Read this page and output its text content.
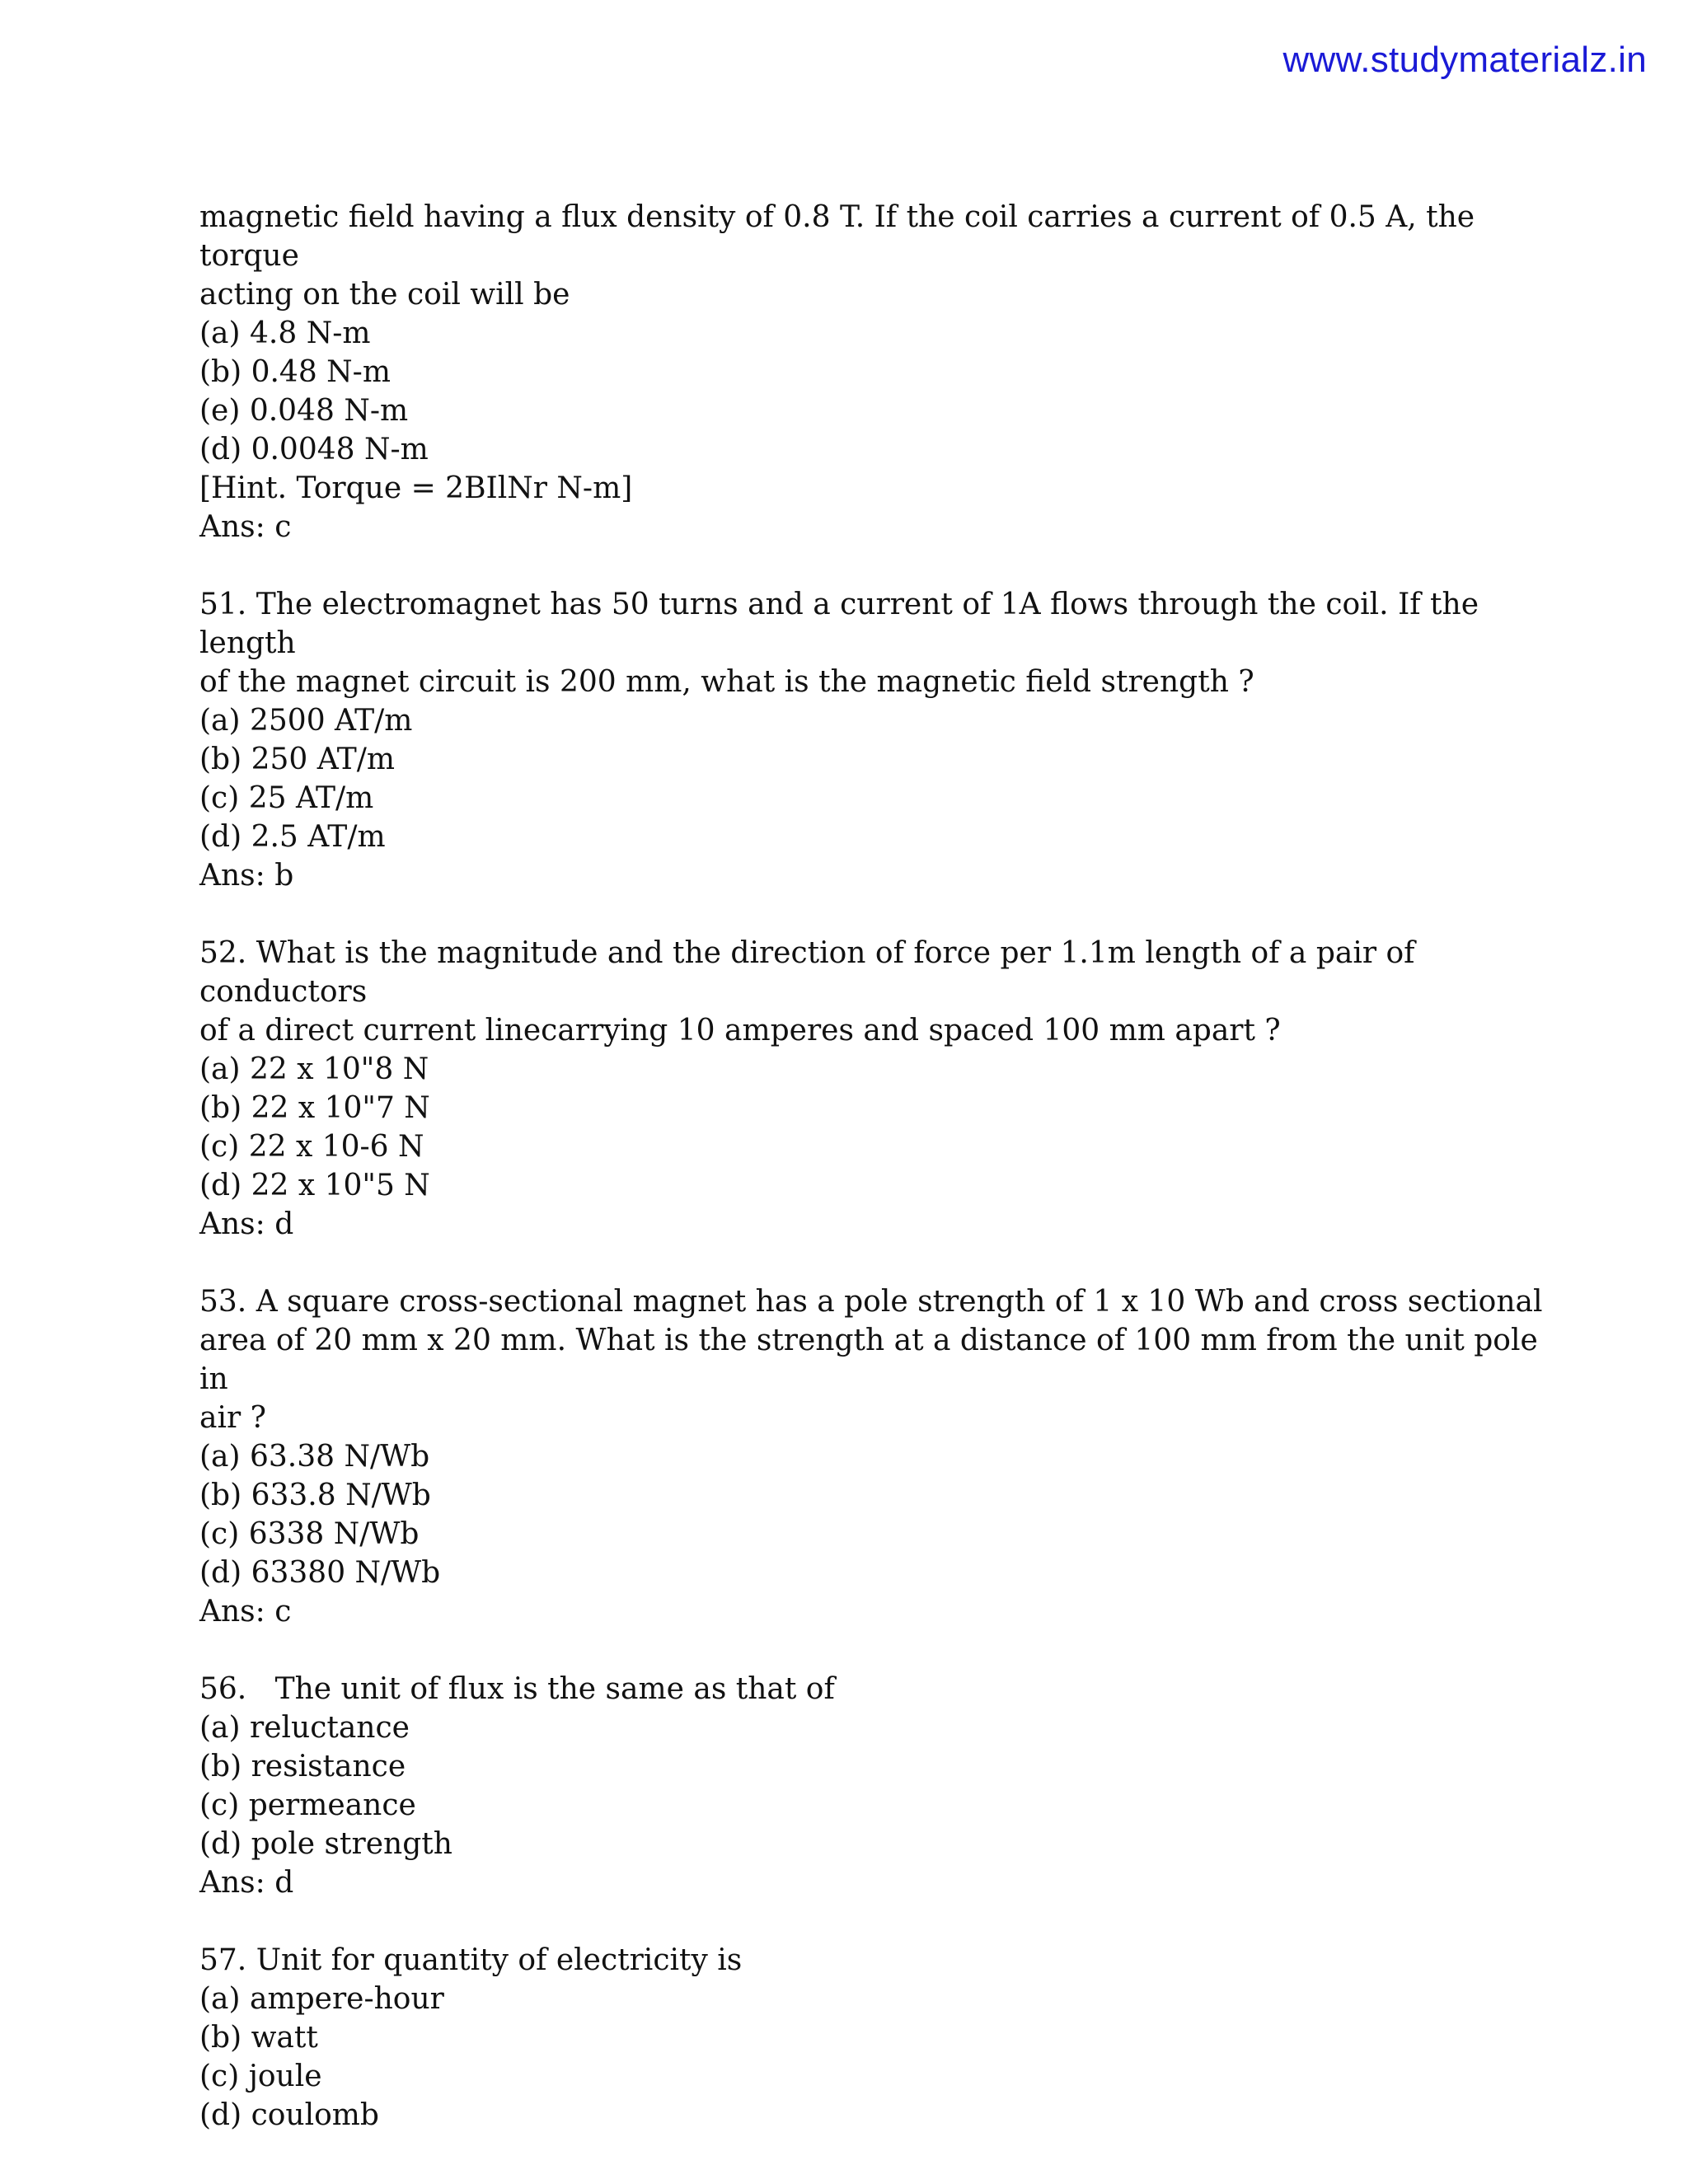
www.studymaterialz.in
magnetic field having a flux density of 0.8 T. If the coil carries a current of 0.5 A, the torque
acting on the coil will be
(a) 4.8 N-m
(b) 0.48 N-m
(e) 0.048 N-m
(d) 0.0048 N-m
[Hint. Torque = 2BIlNr N-m]
Ans: c
51. The electromagnet has 50 turns and a current of 1A flows through the coil. If the length
of the magnet circuit is 200 mm, what is the magnetic field strength ?
(a) 2500 AT/m
(b) 250 AT/m
(c) 25 AT/m
(d) 2.5 AT/m
Ans: b
52. What is the magnitude and the direction of force per 1.1m length of a pair of conductors
of a direct current linecarrying 10 amperes and spaced 100 mm apart ?
(a) 22 x 10"8 N
(b) 22 x 10"7 N
(c) 22 x 10-6 N
(d) 22 x 10"5 N
Ans: d
53. A square cross-sectional magnet has a pole strength of 1 x 10 Wb and cross sectional
area of 20 mm x 20 mm. What is the strength at a distance of 100 mm from the unit pole in
air ?
(a) 63.38 N/Wb
(b) 633.8 N/Wb
(c) 6338 N/Wb
(d) 63380 N/Wb
Ans: c
56.   The unit of flux is the same as that of
(a) reluctance
(b) resistance
(c) permeance
(d) pole strength
Ans: d
57. Unit for quantity of electricity is
(a) ampere-hour
(b) watt
(c) joule
(d) coulomb
